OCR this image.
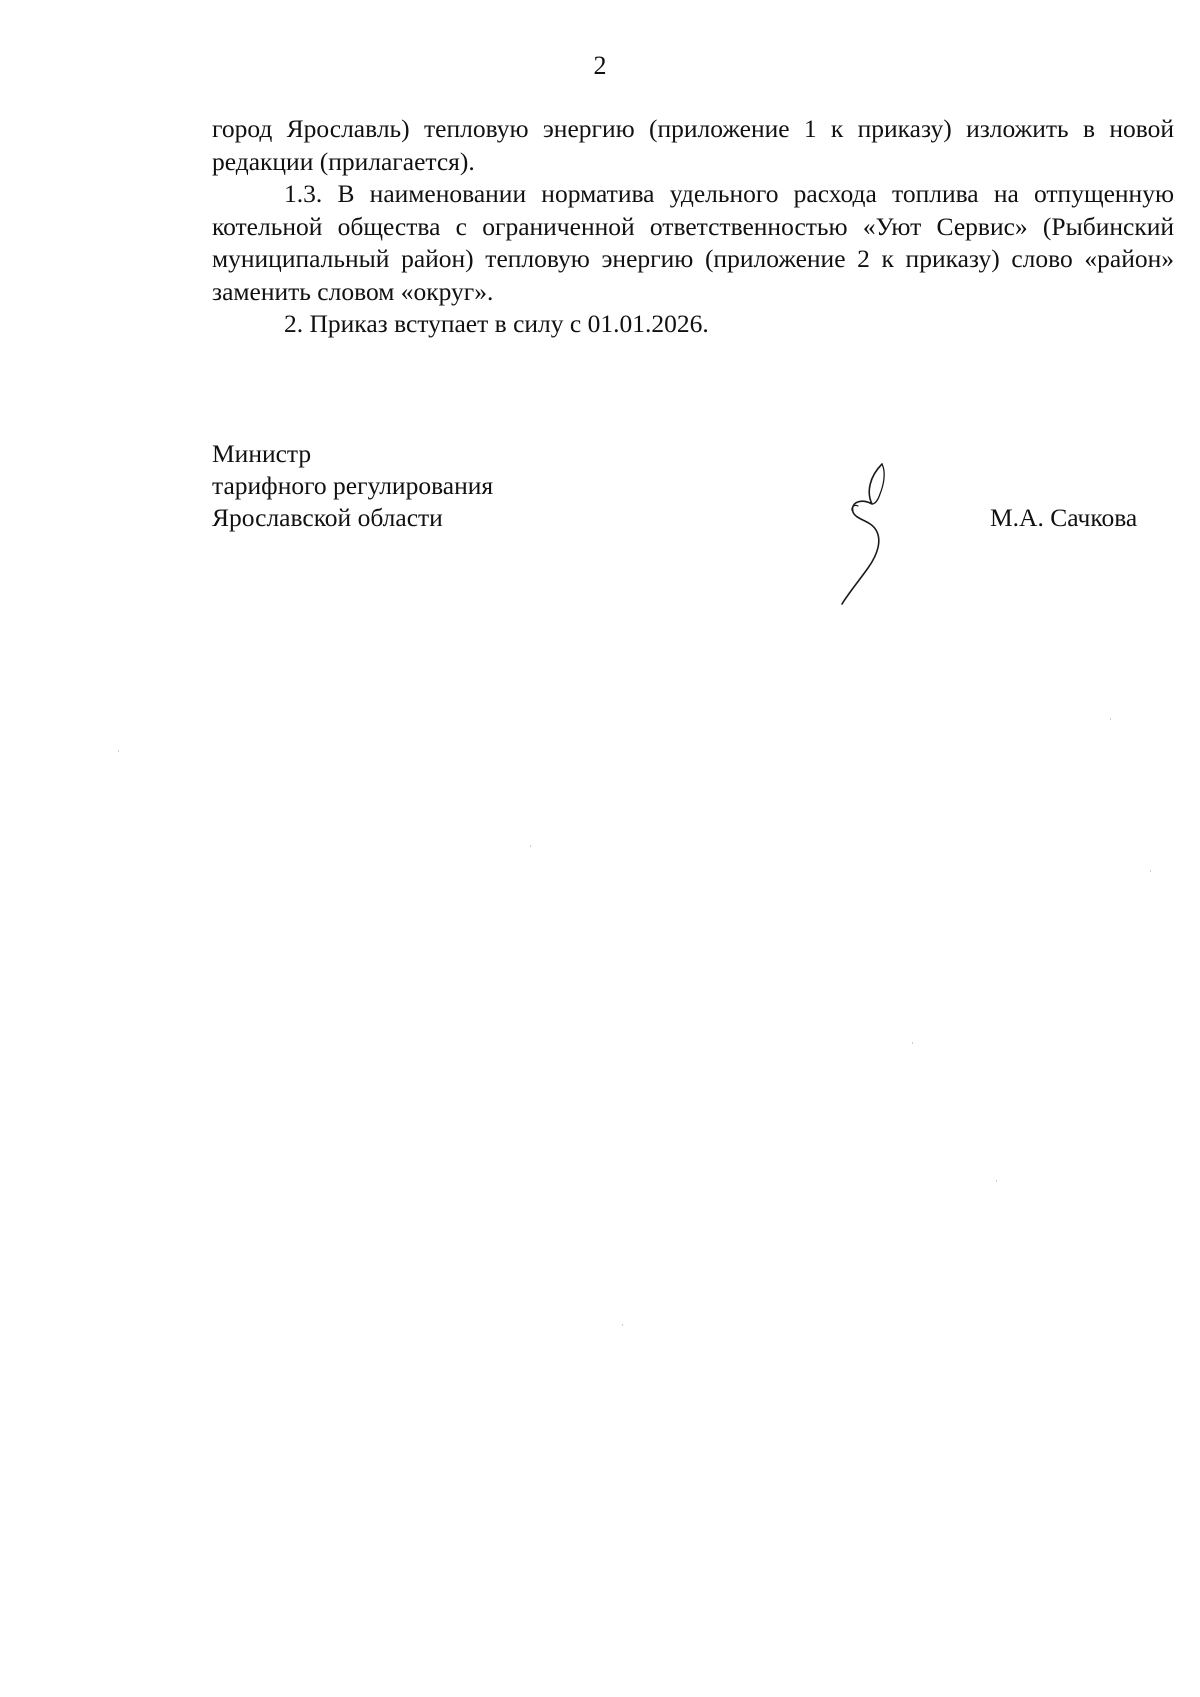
2

город Ярославль) тепловую энергию (приложение 1 к приказу) изложить в новой редакции (прилагается).

1.3. В наименовании норматива удельного расхода топлива на отпущенную котельной общества с ограниченной ответственностью «Уют Сервис» (Рыбинский муниципальный район) тепловую энергию (приложение 2 к приказу) слово «район» заменить словом «округ».

2. Приказ вступает в силу с 01.01.2026.

Министр
тарифного регулирования
Ярославской области	М.А. Сачкова
